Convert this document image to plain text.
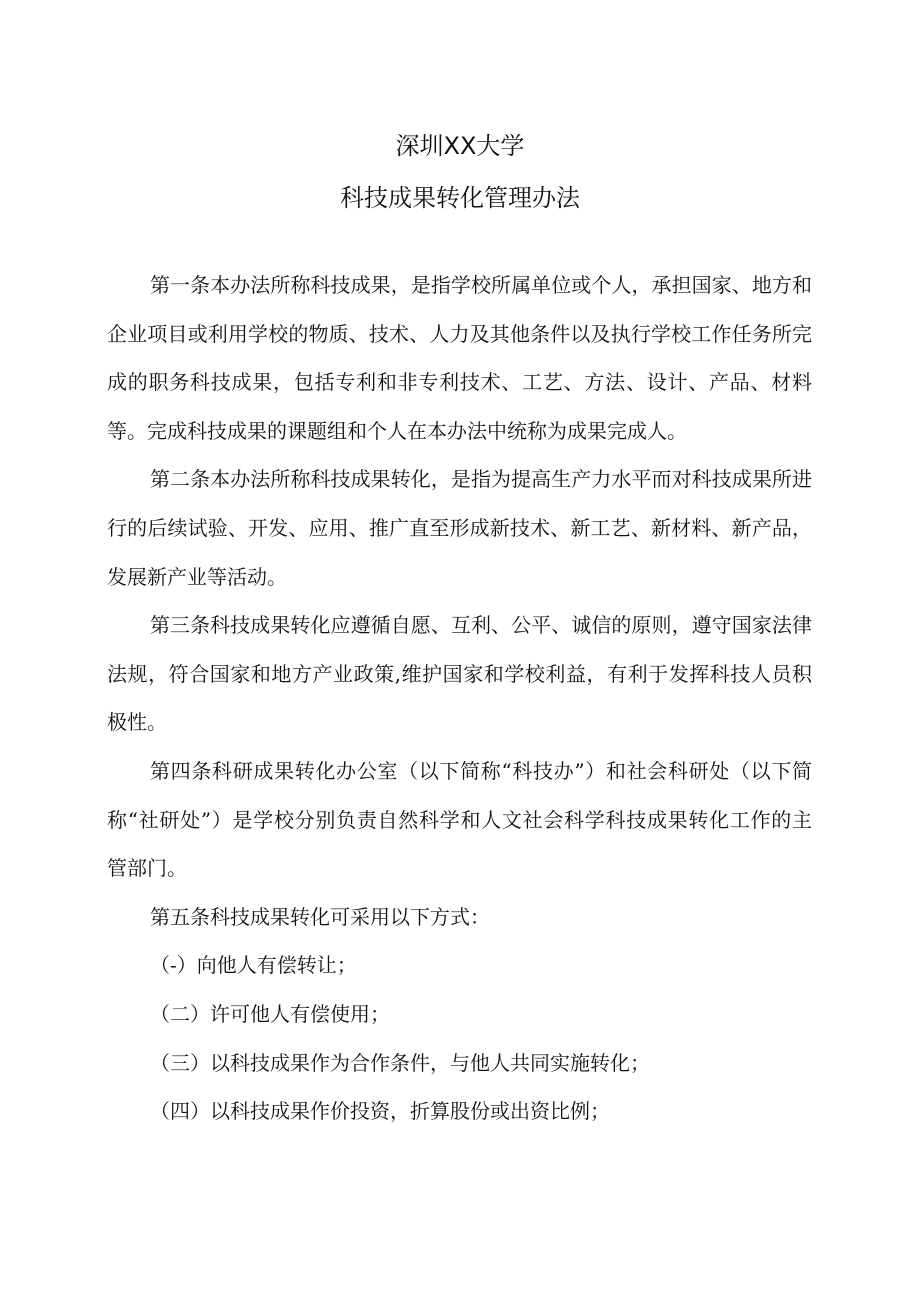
深圳XX大学
科技成果转化管理办法
第一条本办法所称科技成果，是指学校所属单位或个人，承担国家、地方和
企业项目或利用学校的物质、技术、人力及其他条件以及执行学校工作任务所完
成的职务科技成果，包括专利和非专利技术、工艺、方法、设计、产品、材料
等。完成科技成果的课题组和个人在本办法中统称为成果完成人。
第二条本办法所称科技成果转化，是指为提高生产力水平而对科技成果所进
行的后续试验、开发、应用、推广直至形成新技术、新工艺、新材料、新产品，
发展新产业等活动。
第三条科技成果转化应遵循自愿、互利、公平、诚信的原则，遵守国家法律
法规，符合国家和地方产业政策,维护国家和学校利益，有利于发挥科技人员积
极性。
第四条科研成果转化办公室（以下简称“科技办”）和社会科研处（以下简
称“社研处”）是学校分别负责自然科学和人文社会科学科技成果转化工作的主
管部门。
第五条科技成果转化可采用以下方式：
（-）向他人有偿转让；
（二）许可他人有偿使用；
（三）以科技成果作为合作条件，与他人共同实施转化；
（四）以科技成果作价投资，折算股份或出资比例；
